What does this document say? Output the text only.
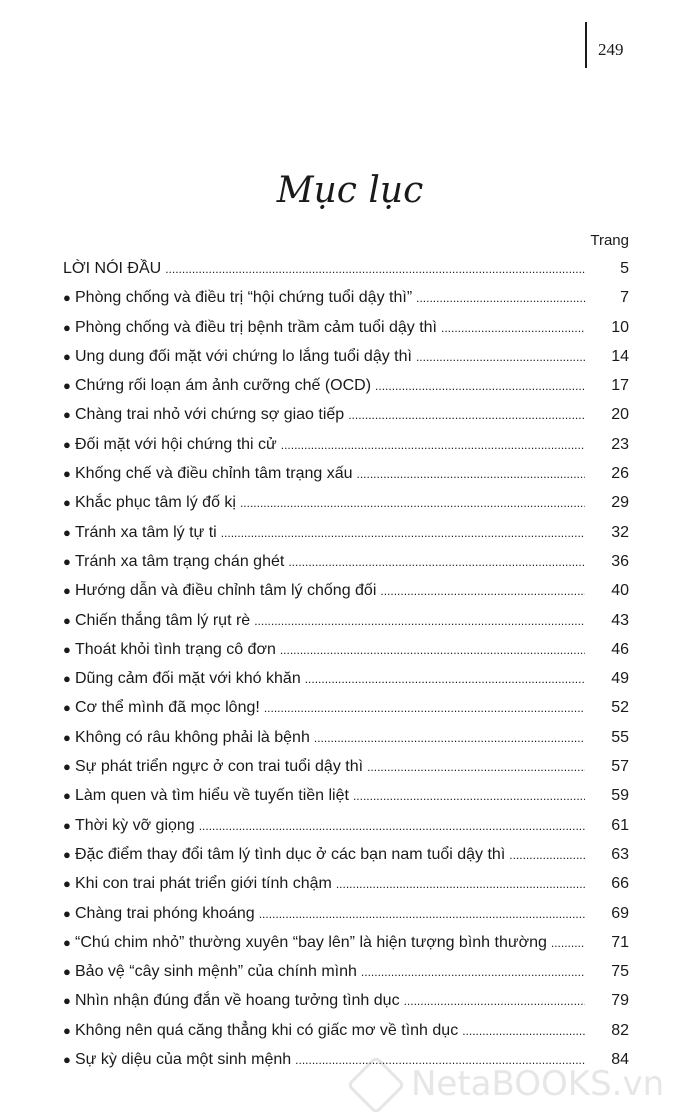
249
Mục lục
Trang
LỜI NÓI ĐẦU .....	5
● Phòng chống và điều trị “hội chứng tuổi dậy thì” .....	7
● Phòng chống và điều trị bệnh trầm cảm tuổi dậy thì .....	10
● Ung dung đối mặt với chứng lo lắng tuổi dậy thì .....	14
● Chứng rối loạn ám ảnh cưỡng chế (OCD) .....	17
● Chàng trai nhỏ với chứng sợ giao tiếp .....	20
● Đối mặt với hội chứng thi cử .....	23
● Khống chế và điều chỉnh tâm trạng xấu .....	26
● Khắc phục tâm lý đố kị .....	29
● Tránh xa tâm lý tự ti .....	32
● Tránh xa tâm trạng chán ghét .....	36
● Hướng dẫn và điều chỉnh tâm lý chống đối .....	40
● Chiến thắng tâm lý rụt rè .....	43
● Thoát khỏi tình trạng cô đơn .....	46
● Dũng cảm đối mặt với khó khăn .....	49
● Cơ thể mình đã mọc lông! .....	52
● Không có râu không phải là bệnh .....	55
● Sự phát triển ngực ở con trai tuổi dậy thì .....	57
● Làm quen và tìm hiểu về tuyến tiền liệt .....	59
● Thời kỳ vỡ giọng .....	61
● Đặc điểm thay đổi tâm lý tình dục ở các bạn nam tuổi dậy thì .....	63
● Khi con trai phát triển giới tính chậm .....	66
● Chàng trai phóng khoáng .....	69
● “Chú chim nhỏ” thường xuyên “bay lên” là hiện tượng bình thường .....	71
● Bảo vệ “cây sinh mệnh” của chính mình .....	75
● Nhìn nhận đúng đắn về hoang tưởng tình dục .....	79
● Không nên quá căng thẳng khi có giấc mơ về tình dục .....	82
● Sự kỳ diệu của một sinh mệnh .....	84
NetaBOOKS.vn
